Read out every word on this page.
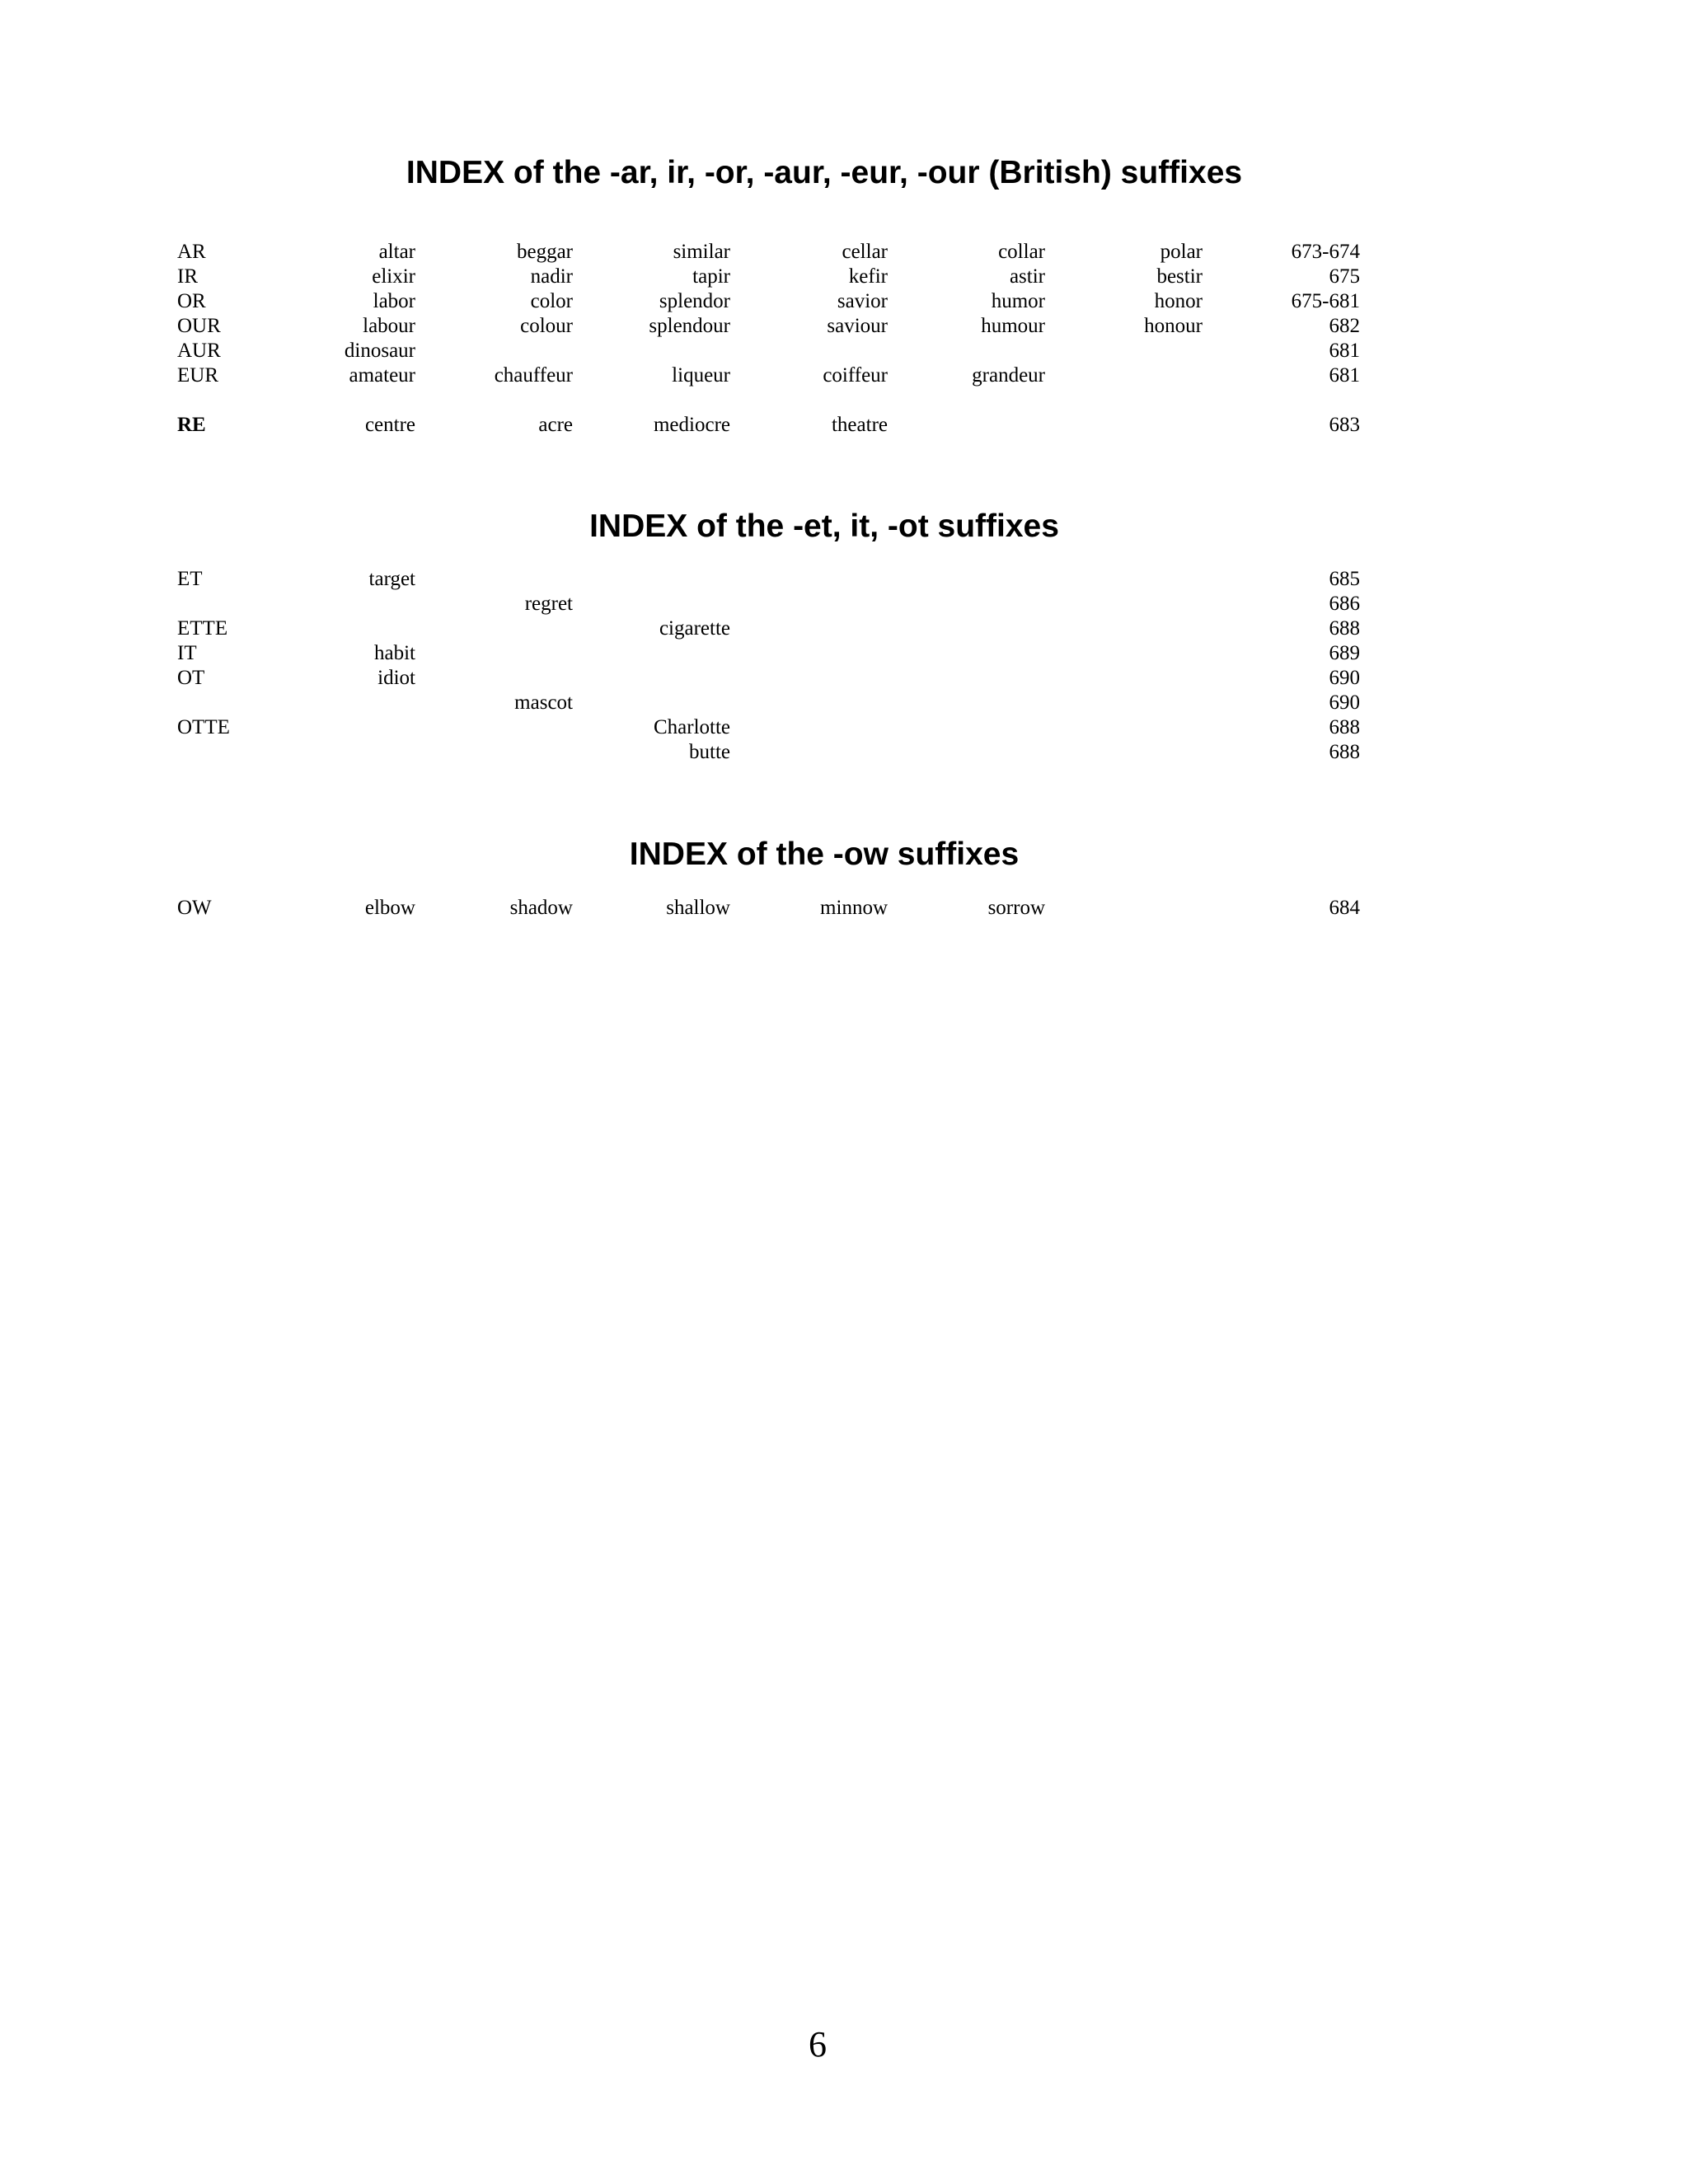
INDEX of the -ar, ir, -or, -aur, -eur, -our (British) suffixes
AR	altar	beggar	similar	cellar	collar	polar	673-674
IR	elixir	nadir	tapir	kefir	astir	bestir	675
OR	labor	color	splendor	savior	humor	honor	675-681
OUR	labour	colour	splendour	saviour	humour	honour	682
AUR	dinosaur	681
EUR	amateur	chauffeur	liqueur	coiffeur	grandeur	681
RE	centre	acre	mediocre	theatre	683
INDEX of the -et, it, -ot suffixes
ET	target	685
regret	686
ETTE	cigarette	688
IT	habit	689
OT	idiot	690
mascot	690
OTTE	Charlotte	688
butte	688
INDEX of the -ow suffixes
OW	elbow	shadow	shallow	minnow	sorrow	684
6
